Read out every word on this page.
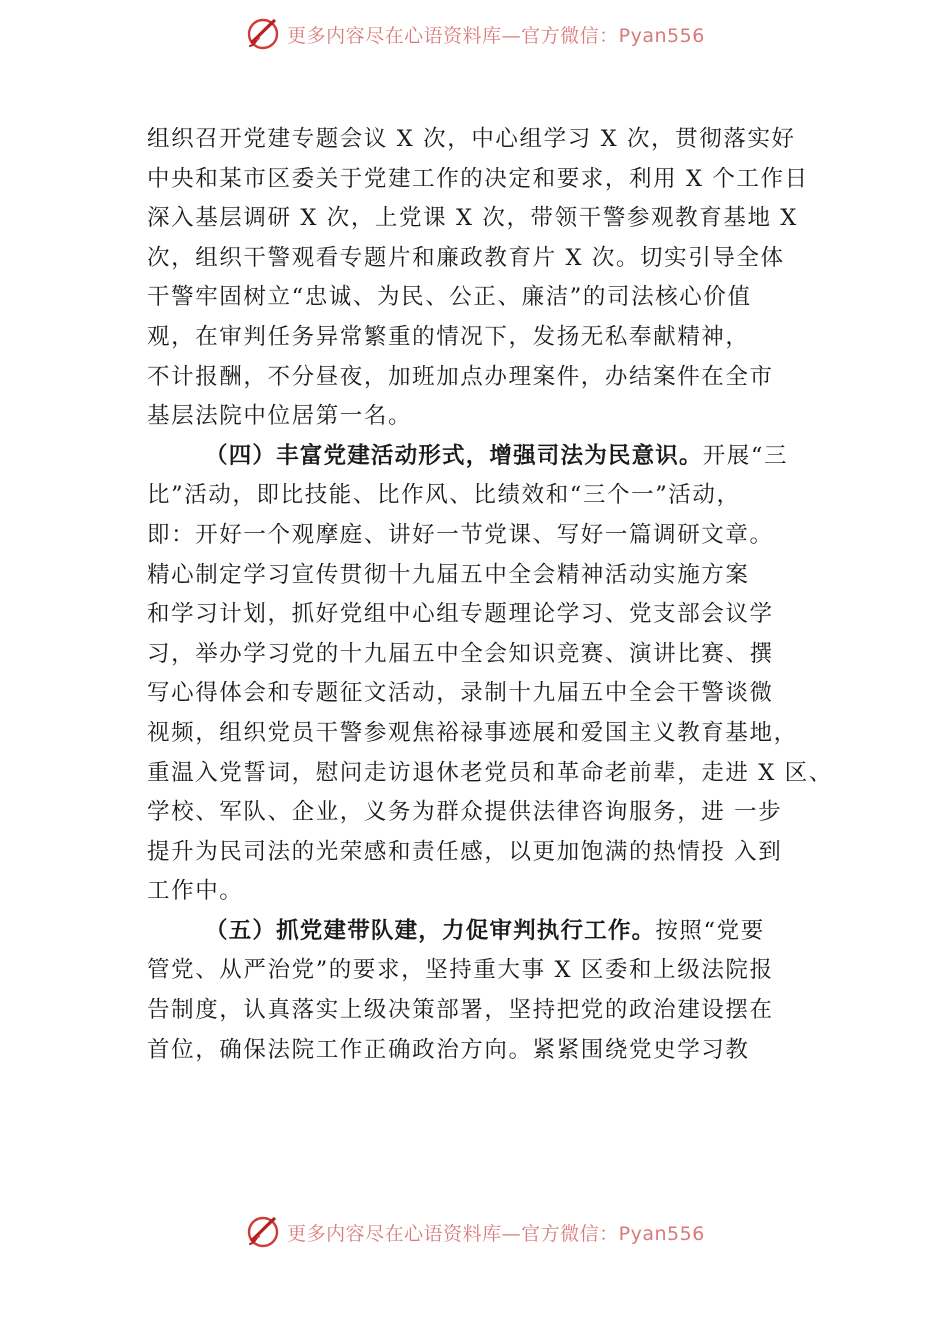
更多内容尽在心语资料库—官方微信：Pyan556
组织召开党建专题会议 X 次，中心组学习 X 次，贯彻落实好
中央和某市区委关于党建工作的决定和要求，利用 X 个工作日
深入基层调研 X 次，上党课 X 次，带领干警参观教育基地 X
次，组织干警观看专题片和廉政教育片 X 次。切实引导全体
干警牢固树立“忠诚、为民、公正、廉洁”的司法核心价值
观，在审判任务异常繁重的情况下，发扬无私奉献精神，
不计报酬，不分昼夜，加班加点办理案件，办结案件在全市
基层法院中位居第一名。
（四）丰富党建活动形式，增强司法为民意识。开展“三
比”活动，即比技能、比作风、比绩效和“三个一”活动，
即：开好一个观摩庭、讲好一节党课、写好一篇调研文章。
精心制定学习宣传贯彻十九届五中全会精神活动实施方案
和学习计划，抓好党组中心组专题理论学习、党支部会议学
习，举办学习党的十九届五中全会知识竞赛、演讲比赛、撰
写心得体会和专题征文活动，录制十九届五中全会干警谈微
视频，组织党员干警参观焦裕禄事迹展和爱国主义教育基地，
重温入党誓词，慰问走访退休老党员和革命老前辈，走进 X 区、
学校、军队、企业，义务为群众提供法律咨询服务，进 一步
提升为民司法的光荣感和责任感，以更加饱满的热情投 入到
工作中。
（五）抓党建带队建，力促审判执行工作。按照“党要
管党、从严治党”的要求，坚持重大事 X 区委和上级法院报
告制度，认真落实上级决策部署，坚持把党的政治建设摆在
首位，确保法院工作正确政治方向。紧紧围绕党史学习教
更多内容尽在心语资料库—官方微信：Pyan556
